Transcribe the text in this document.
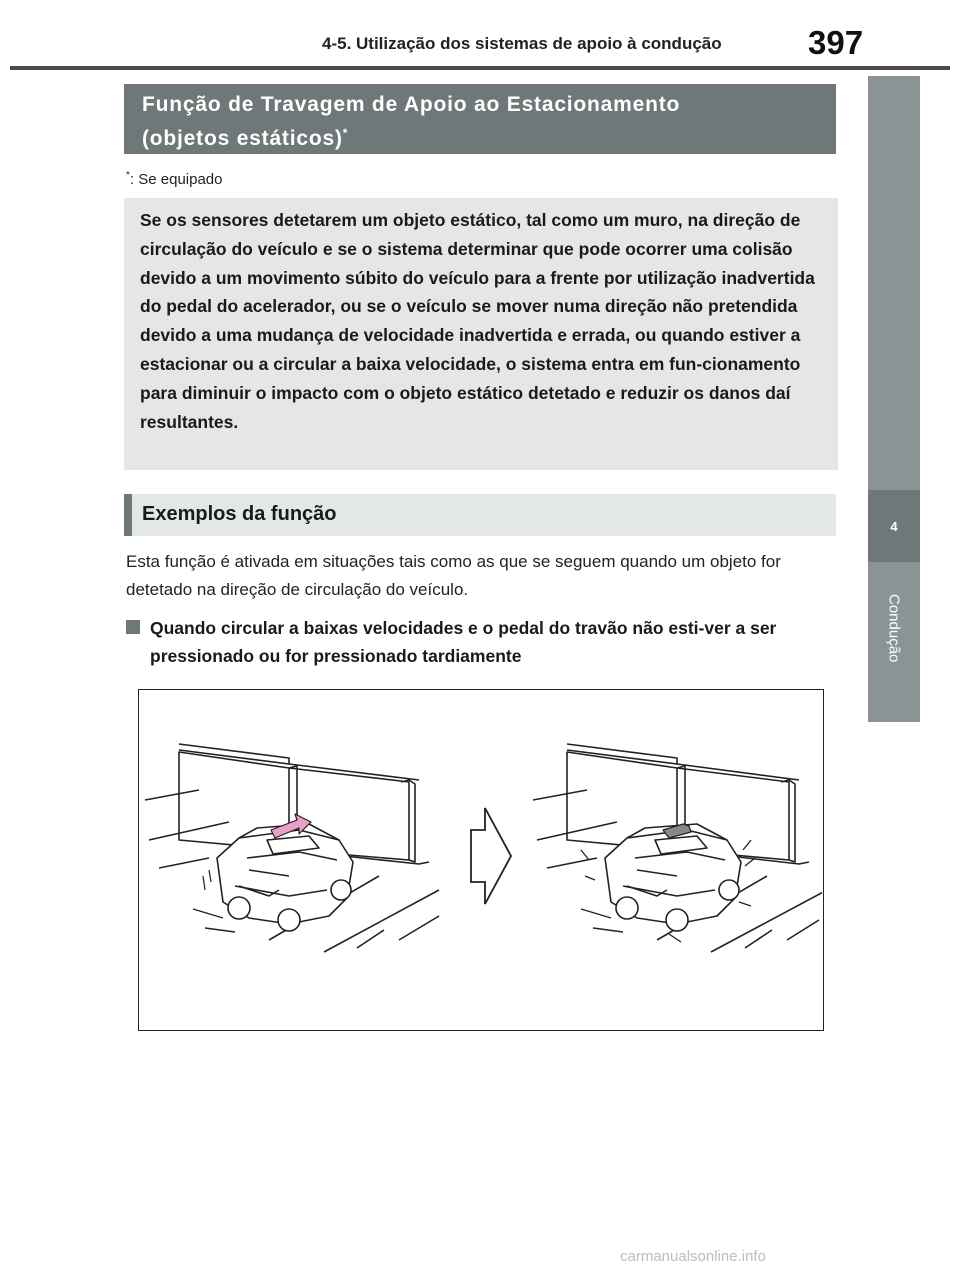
4-5. Utilização dos sistemas de apoio à condução	397
4
Condução
Função de Travagem de Apoio ao Estacionamento
(objetos estáticos)*
*: Se equipado
Se os sensores detetarem um objeto estático, tal como um muro, na direção de circulação do veículo e se o sistema determinar que pode ocorrer uma colisão devido a um movimento súbito do veículo para a frente por utilização inadvertida do pedal do acelerador, ou se o veículo se mover numa direção não pretendida devido a uma mudança de velocidade inadvertida e errada, ou quando estiver a estacionar ou a circular a baixa velocidade, o sistema entra em fun-cionamento para diminuir o impacto com o objeto estático detetado e reduzir os danos daí resultantes.
Exemplos da função
Esta função é ativada em situações tais como as que se seguem quando um objeto for detetado na direção de circulação do veículo.
Quando circular a baixas velocidades e o pedal do travão não esti-ver a ser pressionado ou for pressionado tardiamente
carmanualsonline.info
